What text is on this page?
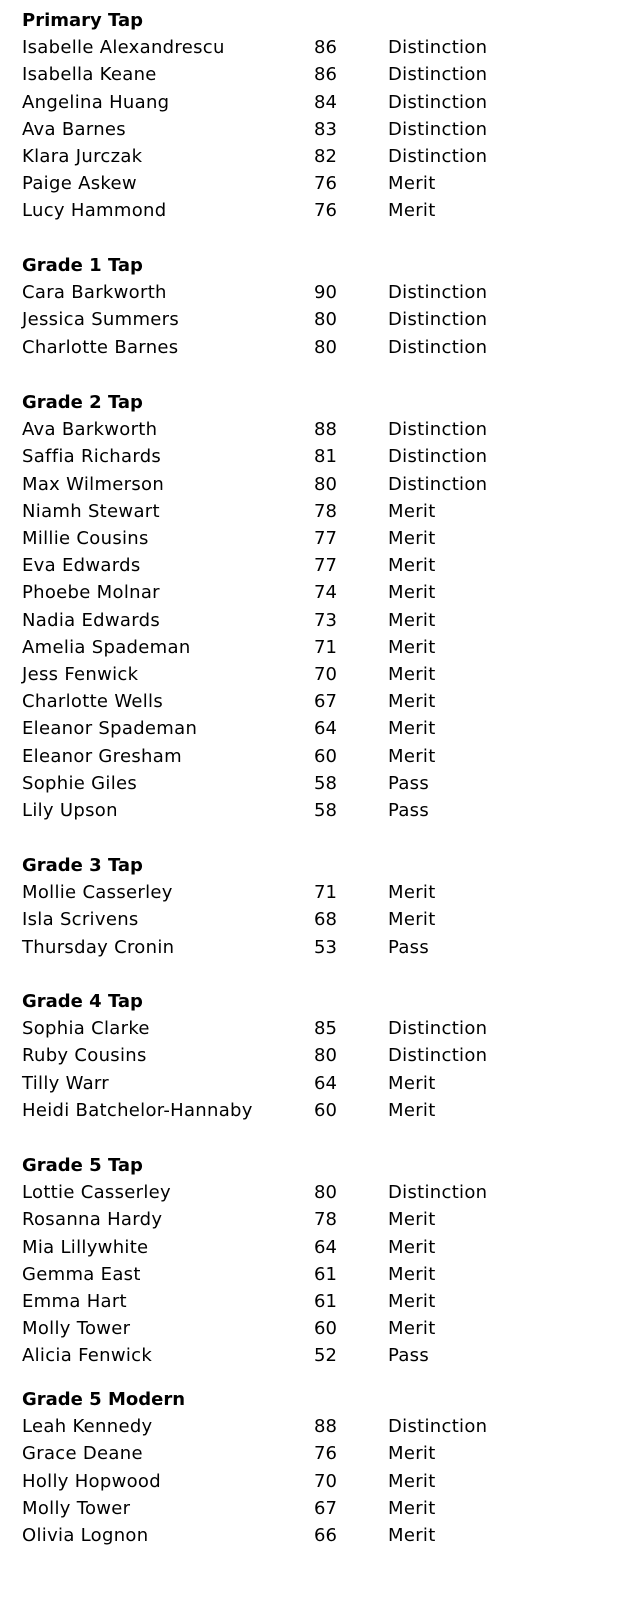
Primary Tap
Isabelle Alexandrescu	86	Distinction
Isabella Keane	86	Distinction
Angelina Huang	84	Distinction
Ava Barnes	83	Distinction
Klara Jurczak	82	Distinction
Paige Askew	76	Merit
Lucy Hammond	76	Merit
Grade 1 Tap
Cara Barkworth	90	Distinction
Jessica Summers	80	Distinction
Charlotte Barnes	80	Distinction
Grade 2 Tap
Ava Barkworth	88	Distinction
Saffia Richards	81	Distinction
Max Wilmerson	80	Distinction
Niamh Stewart	78	Merit
Millie Cousins	77	Merit
Eva Edwards	77	Merit
Phoebe Molnar	74	Merit
Nadia Edwards	73	Merit
Amelia Spademan	71	Merit
Jess Fenwick	70	Merit
Charlotte Wells	67	Merit
Eleanor Spademan	64	Merit
Eleanor Gresham	60	Merit
Sophie Giles	58	Pass
Lily Upson	58	Pass
Grade 3 Tap
Mollie Casserley	71	Merit
Isla Scrivens	68	Merit
Thursday Cronin	53	Pass
Grade 4 Tap
Sophia Clarke	85	Distinction
Ruby Cousins	80	Distinction
Tilly Warr	64	Merit
Heidi Batchelor-Hannaby	60	Merit
Grade 5 Tap
Lottie Casserley	80	Distinction
Rosanna Hardy	78	Merit
Mia Lillywhite	64	Merit
Gemma East	61	Merit
Emma Hart	61	Merit
Molly Tower	60	Merit
Alicia Fenwick	52	Pass
Grade 5 Modern
Leah Kennedy	88	Distinction
Grace Deane	76	Merit
Holly Hopwood	70	Merit
Molly Tower	67	Merit
Olivia Lognon	66	Merit
